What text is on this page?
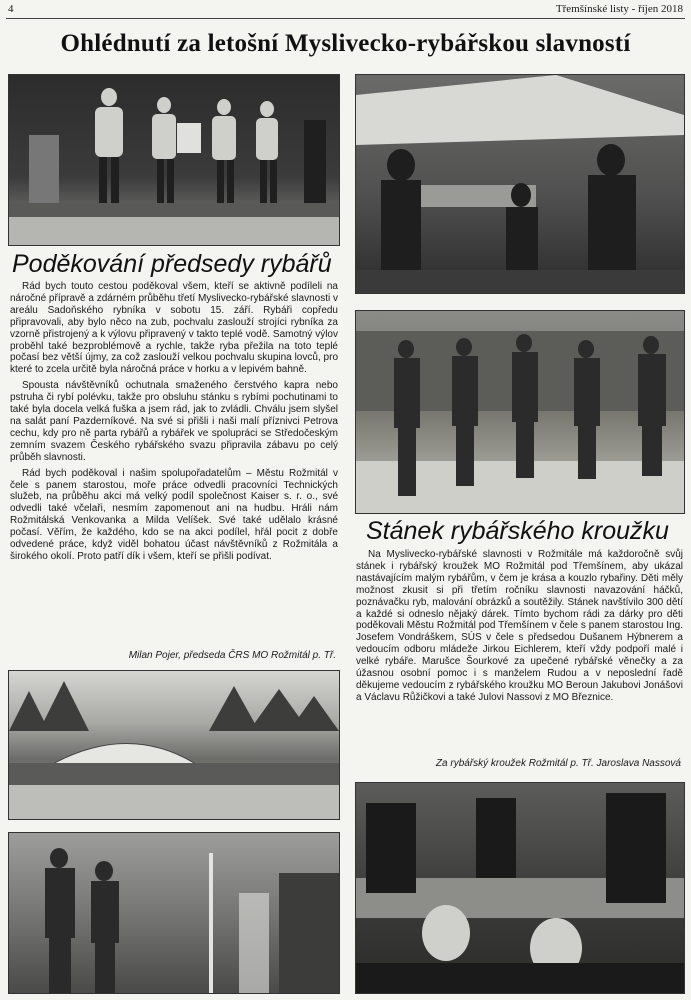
4	Třemšínské listy - říjen 2018
Ohlédnutí za letošní Myslivecko-rybářskou slavností
Poděkování předsedy rybářů
Stánek rybářského kroužku

Rád bych touto cestou poděkoval všem, kteří se aktivně podíleli na náročné přípravě a zdárném průběhu třetí Myslivecko-rybářské slavnosti v areálu Sadoňského rybníka v sobotu 15. září. Rybáři copředu připravovali, aby bylo něco na zub, pochvalu zaslouží strojíci rybníka za vzorně přistrojený a k výlovu připravený v takto teplé vodě. Samotný výlov proběhl také bezproblémově a rychle, takže ryba přežila na toto teplé počasí bez větší újmy, za což zaslouží velkou pochvalu skupina lovců, pro které to zcela určitě byla náročná práce v horku a v lepivém bahně.

Spousta návštěvníků ochutnala smaženého čerstvého kapra nebo pstruha či rybí polévku, takže pro obsluhu stánku s rybími pochutinami to také byla docela velká fuška a jsem rád, jak to zvládli. Chválu jsem slyšel na salát paní Pazderníkové. Na své si přišli i naši malí příznivci Petrova cechu, kdy pro ně parta rybářů a rybářek ve spolupráci se Středočeským zemním svazem Českého rybářského svazu připravila zábavu po celý průběh slavnosti.

Rád bych poděkoval i našim spolupořadatelům – Městu Rožmitál v čele s panem starostou, moře práce odvedli pracovníci Technických služeb, na průběhu akci má velký podíl společnost Kaiser s. r. o., své odvedli také včelaři, nesmím zapomenout ani na hudbu. Hráli nám Rožmitálská Venkovanka a Milda Velíšek. Své také udělalo krásné počasí. Věřím, že každého, kdo se na akci podílel, hřál pocit z dobře odvedené práce, když viděl bohatou účast návštěvníků z Rožmitála a širokého okolí. Proto patří dík i všem, kteří se přišli podívat.

Milan Pojer, předseda ČRS MO Rožmitál p. Tř.

Na Myslivecko-rybářské slavnosti v Rožmitále má každoročně svůj stánek i rybářský kroužek MO Rožmitál pod Třemšínem, aby ukázal nastávajícím malým rybářům, v čem je krása a kouzlo rybařiny. Děti měly možnost zkusit si při třetím ročníku slavnosti navazování háčků, poznávačku ryb, malování obrázků a soutěžily. Stánek navštívilo 300 dětí a každé si odneslo nějaký dárek. Tímto bychom rádi za dárky pro děti poděkovali Městu Rožmitál pod Třemšínem v čele s panem starostou Ing. Josefem Vondráškem, SÚS v čele s předsedou Dušanem Hýbnerem a vedoucím odboru mládeže Jirkou Eichlerem, kteří vždy podpoří malé i velké rybáře. Marušce Šourkové za upečené rybářské věnečky a za úžasnou osobní pomoc i s manželem Rudou a v neposlední řadě děkujeme vedoucím z rybářského kroužku MO Beroun Jakubovi Jonášovi a Václavu Růžičkovi a také Julovi Nassovi z MO Březnice.

Za rybářský kroužek Rožmitál p. Tř. Jaroslava Nassová
